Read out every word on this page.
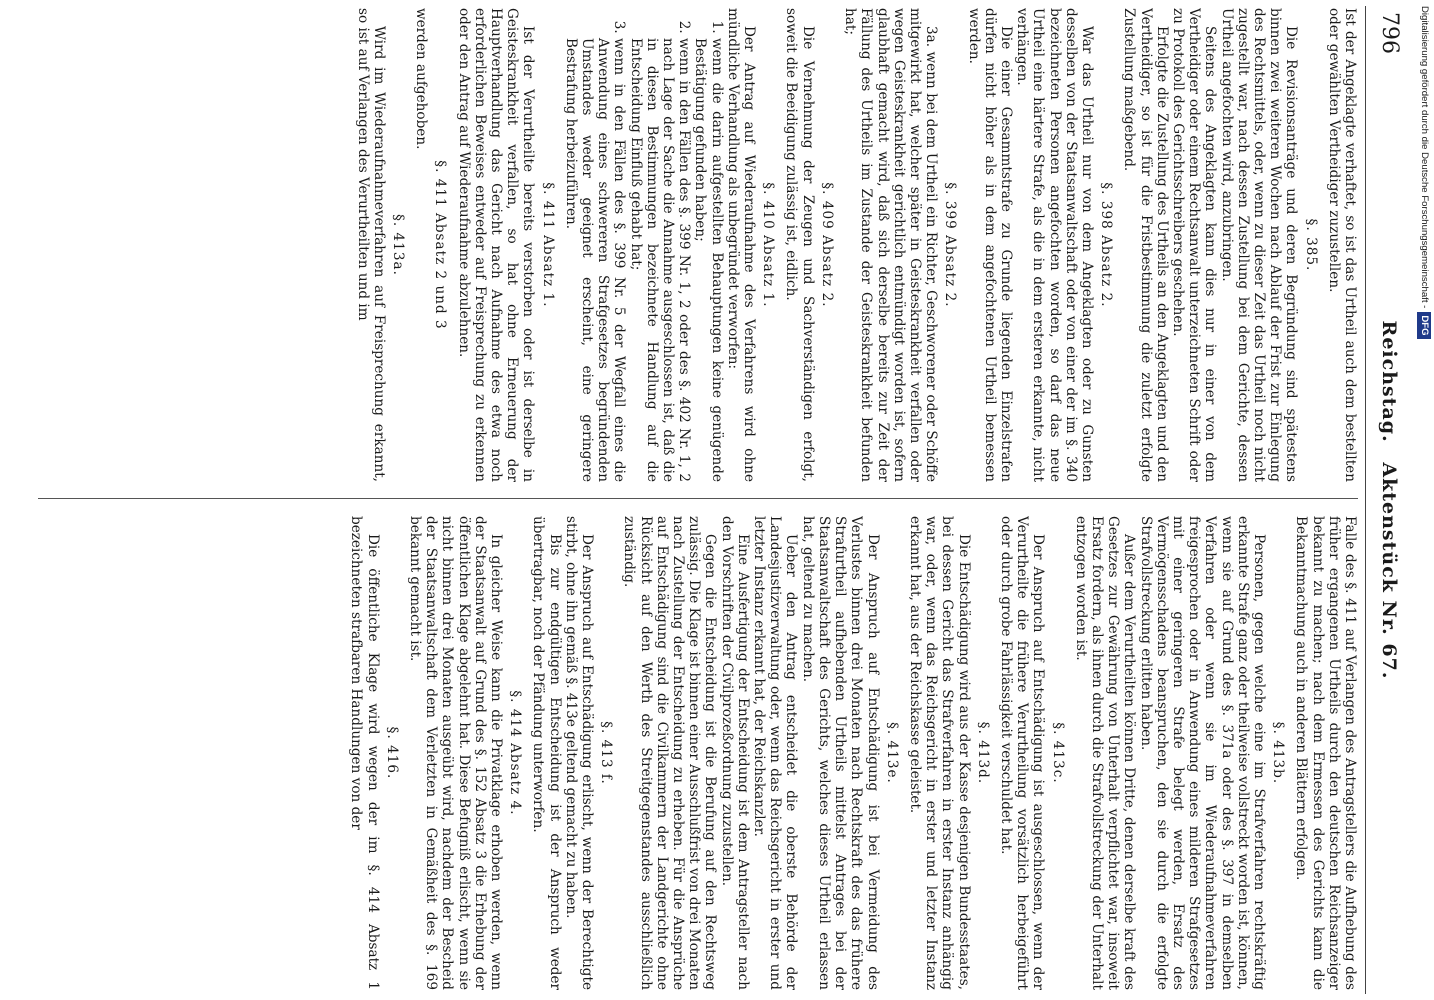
796
Reichstag. Aktenstück Nr. 67.

Ist der Angeklagte verhaftet, so ist das Urtheil auch dem bestellten oder gewählten Vertheidiger zuzustellen.

§. 385.

Die Revisionsanträge und deren Begründung sind spätestens binnen zwei weiteren Wochen nach Ablauf der Frist zur Einlegung des Rechtsmittels, oder, wenn zu dieser Zeit das Urtheil noch nicht zugestellt war, nach dessen Zustellung bei dem Gerichte, dessen Urtheil angefochten wird, anzubringen.

Seitens des Angeklagten kann dies nur in einer von dem Vertheidiger oder einem Rechtsanwalt unterzeichneten Schrift oder zu Protokoll des Gerichtsschreibers geschehen.

Erfolgte die Zustellung des Urtheils an den Angeklagten und den Vertheidiger, so ist für die Fristbestimmung die zuletzt erfolgte Zustellung maßgebend.

§. 398 Absatz 2.

War das Urtheil nur von dem Angeklagten oder zu Gunsten desselben von der Staatsanwaltschaft oder von einer der im §. 340 bezeichneten Personen angefochten worden, so darf das neue Urtheil eine härtere Strafe, als die in dem ersteren erkannte, nicht verhängen.

Die einer Gesammtstrafe zu Grunde liegenden Einzelstrafen dürfen nicht höher als in dem angefochtenen Urtheil bemessen werden.

§. 399 Absatz 2.

3a. wenn bei dem Urtheil ein Richter, Geschworener oder Schöffe mitgewirkt hat, welcher später in Geisteskrankheit verfallen oder wegen Geisteskrankheit gerichtlich entmündigt worden ist, sofern glaubhaft gemacht wird, daß sich derselbe bereits zur Zeit der Fällung des Urtheils im Zustande der Geisteskrankheit befunden hat;

§. 409 Absatz 2.

Die Vernehmung der Zeugen und Sachverständigen erfolgt, soweit die Beeidigung zulässig ist, eidlich.

§. 410 Absatz 1.

Der Antrag auf Wiederaufnahme des Verfahrens wird ohne mündliche Verhandlung als unbegründet verworfen:

1. wenn die darin aufgestellten Behauptungen keine genügende Bestätigung gefunden haben;
2. wenn in den Fällen des §. 399 Nr. 1, 2 oder des §. 402 Nr. 1, 2 nach Lage der Sache die Annahme ausgeschlossen ist, daß die in diesen Bestimmungen bezeichnete Handlung auf die Entscheidung Einfluß gehabt hat;
3. wenn in den Fällen des §. 399 Nr. 5 der Wegfall eines die Anwendung eines schwereren Strafgesetzes begründenden Umstandes weder geeignet erscheint, eine geringere Bestrafung herbeizuführen.
§. 411 Absatz 1.

Ist der Verurtheilte bereits verstorben oder ist derselbe in Geisteskrankheit verfallen, so hat ohne Erneuerung der Hauptverhandlung das Gericht nach Aufnahme des etwa noch erforderlichen Beweises entweder auf Freisprechung zu erkennen oder den Antrag auf Wiederaufnahme abzulehnen.

§. 411 Absatz 2 und 3

werden aufgehoben.

§. 413a.

Wird im Wiederaufnahmeverfahren auf Freisprechung erkannt, so ist auf Verlangen des Verurtheilten und im

Falle des §. 411 auf Verlangen des Antragstellers die Aufhebung des früher ergangenen Urtheils durch den deutschen Reichsanzeiger bekannt zu machen; nach dem Ermessen des Gerichts kann die Bekanntmachung auch in anderen Blättern erfolgen.

§. 413b.

Personen, gegen welche eine im Strafverfahren rechtskräftig erkannte Strafe ganz oder theilweise vollstreckt worden ist, können, wenn sie auf Grund des §. 371a oder des §. 397 in demselben Verfahren oder wenn sie im Wiederaufnahmeverfahren freigesprochen oder in Anwendung eines milderen Strafgesetzes mit einer geringeren Strafe belegt werden, Ersatz des Vermögensschadens beanspruchen, den sie durch die erfolgte Strafvollstreckung erlitten haben.

Außer dem Verurtheilten können Dritte, denen derselbe kraft des Gesetzes zur Gewährung von Unterhalt verpflichtet war, insoweit Ersatz fordern, als ihnen durch die Strafvollstreckung der Unterhalt entzogen worden ist.

§. 413c.

Der Anspruch auf Entschädigung ist ausgeschlossen, wenn der Verurtheilte die frühere Verurtheilung vorsätzlich herbeigeführt oder durch grobe Fahrlässigkeit verschuldet hat.

§. 413d.

Die Entschädigung wird aus der Kasse desjenigen Bundesstaates, bei dessen Gericht das Strafverfahren in erster Instanz anhängig war, oder, wenn das Reichsgericht in erster und letzter Instanz erkannt hat, aus der Reichskasse geleistet.

§. 413e.

Der Anspruch auf Entschädigung ist bei Vermeidung des Verlustes binnen drei Monaten nach Rechtskraft des das frühere Strafurtheil aufhebenden Urtheils mittelst Antrages bei der Staatsanwaltschaft des Gerichts, welches dieses Urtheil erlassen hat, geltend zu machen.

Ueber den Antrag entscheidet die oberste Behörde der Landesjustizverwaltung oder, wenn das Reichsgericht in erster und letzter Instanz erkannt hat, der Reichskanzler.

Eine Ausfertigung der Entscheidung ist dem Antragsteller nach den Vorschriften der Civilprozeßordnung zuzustellen.

Gegen die Entscheidung ist die Berufung auf den Rechtsweg zulässig. Die Klage ist binnen einer Ausschlußfrist von drei Monaten nach Zustellung der Entscheidung zu erheben. Für die Ansprüche auf Entschädigung sind die Civilkammern der Landgerichte ohne Rücksicht auf den Werth des Streitgegenstandes ausschließlich zuständig.

§. 413 f.

Der Anspruch auf Entschädigung erlischt, wenn der Berechtigte stirbt, ohne ihn gemäß §. 413e geltend gemacht zu haben.

Bis zur endgültigen Entscheidung ist der Anspruch weder übertragbar, noch der Pfändung unterworfen.

§. 414 Absatz 4.

In gleicher Weise kann die Privatklage erhoben werden, wenn der Staatsanwalt auf Grund des §. 152 Absatz 3 die Erhebung der öffentlichen Klage abgelehnt hat. Diese Befugniß erlischt, wenn sie nicht binnen drei Monaten ausgeübt wird, nachdem der Bescheid der Staatsanwaltschaft dem Verletzten in Gemäßheit des §. 169 bekannt gemacht ist.

§. 416.

Die öffentliche Klage wird wegen der im §. 414 Absatz 1 bezeichneten strafbaren Handlungen von der

Digitalisierung gefördert durch die Deutsche Forschungsgemeinschaft -DFG
